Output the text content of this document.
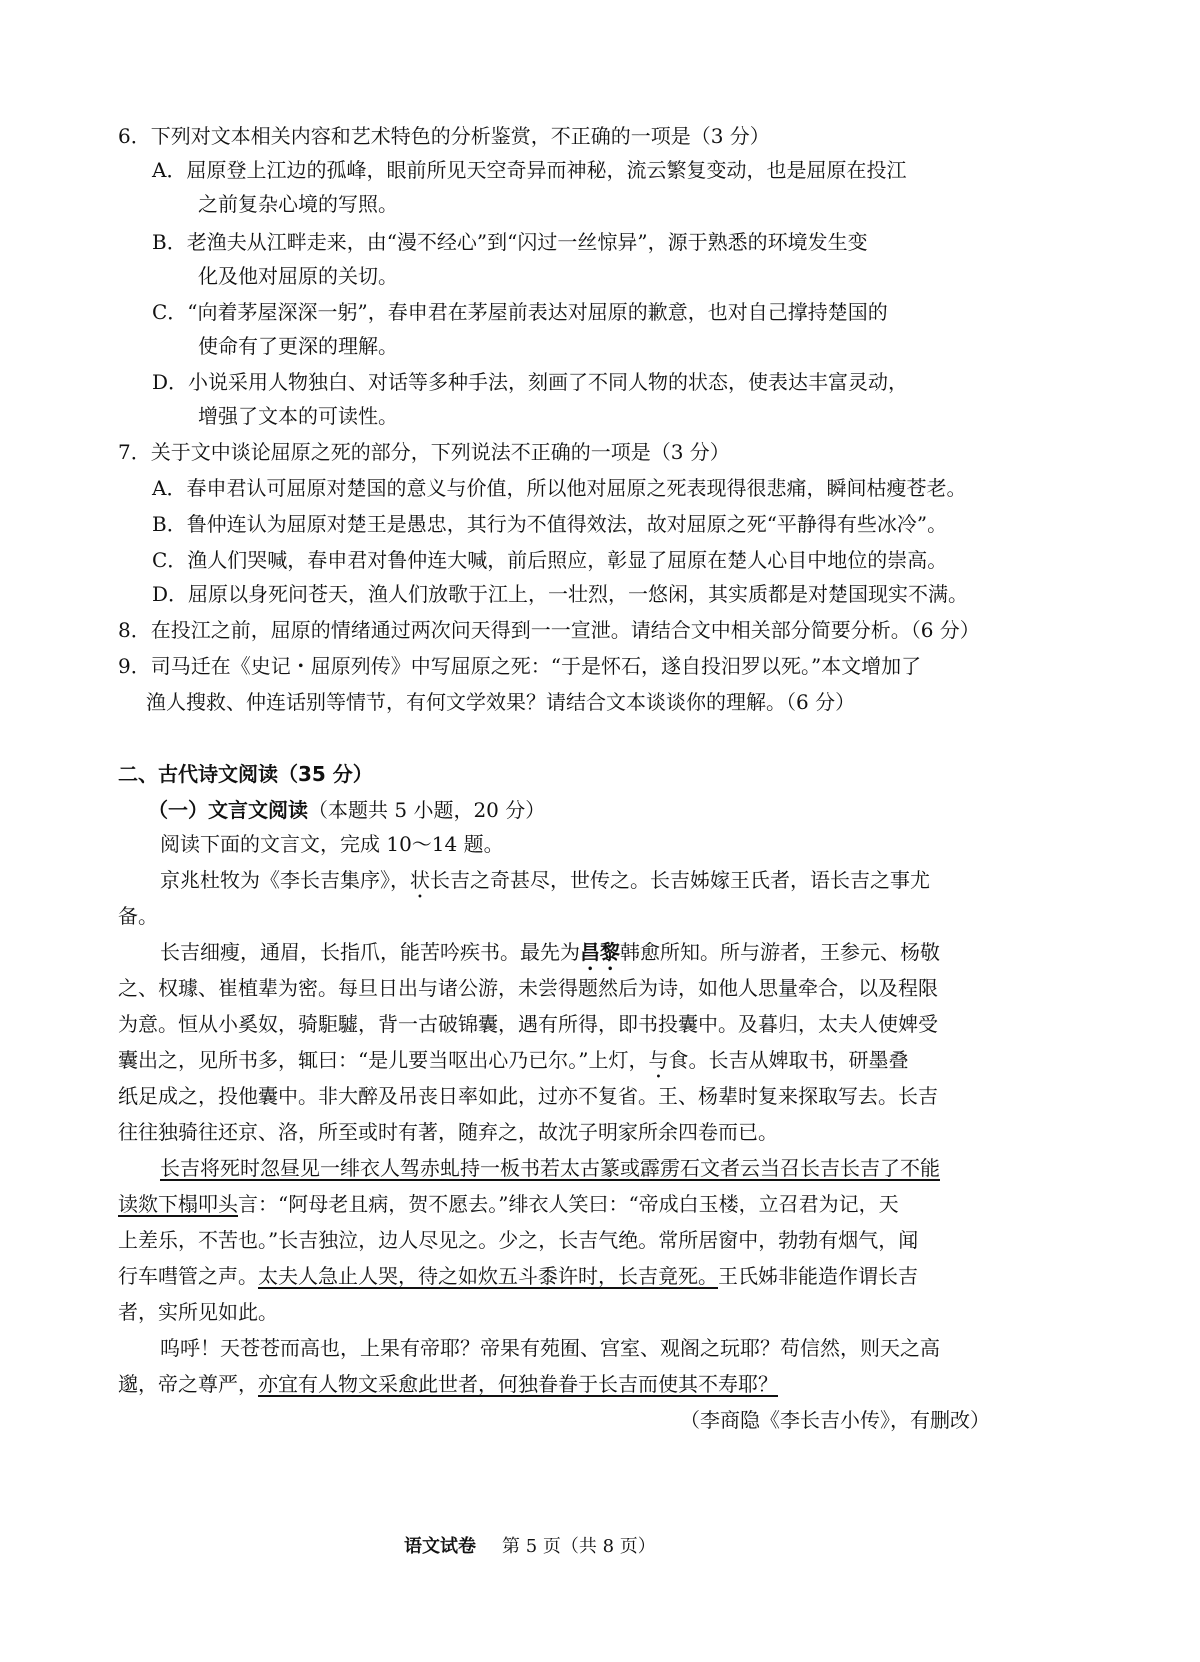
6．下列对文本相关内容和艺术特色的分析鉴赏，不正确的一项是（3 分）
A．屈原登上江边的孤峰，眼前所见天空奇异而神秘，流云繁复变动，也是屈原在投江
之前复杂心境的写照。
B．老渔夫从江畔走来，由“漫不经心”到“闪过一丝惊异”，源于熟悉的环境发生变
化及他对屈原的关切。
C．“向着茅屋深深一躬”，春申君在茅屋前表达对屈原的歉意，也对自己撑持楚国的
使命有了更深的理解。
D．小说采用人物独白、对话等多种手法，刻画了不同人物的状态，使表达丰富灵动，
增强了文本的可读性。
7．关于文中谈论屈原之死的部分，下列说法不正确的一项是（3 分）
A．春申君认可屈原对楚国的意义与价值，所以他对屈原之死表现得很悲痛，瞬间枯瘦苍老。
B．鲁仲连认为屈原对楚王是愚忠，其行为不值得效法，故对屈原之死“平静得有些冰冷”。
C．渔人们哭喊，春申君对鲁仲连大喊，前后照应，彰显了屈原在楚人心目中地位的崇高。
D．屈原以身死问苍天，渔人们放歌于江上，一壮烈，一悠闲，其实质都是对楚国现实不满。
8．在投江之前，屈原的情绪通过两次问天得到一一宣泄。请结合文中相关部分简要分析。（6 分）
9．司马迁在《史记・屈原列传》中写屈原之死：“于是怀石，遂自投汨罗以死。”本文增加了
渔人搜救、仲连话别等情节，有何文学效果？请结合文本谈谈你的理解。（6 分）
二、古代诗文阅读（35 分）
（一）文言文阅读（本题共 5 小题，20 分）
阅读下面的文言文，完成 10～14 题。
京兆杜牧为《李长吉集序》，状长吉之奇甚尽，世传之。长吉姊嫁王氏者，语长吉之事尤
备。
长吉细瘦，通眉，长指爪，能苦吟疾书。最先为昌黎韩愈所知。所与游者，王参元、杨敬
之、权璩、崔植辈为密。每旦日出与诸公游，未尝得题然后为诗，如他人思量牵合，以及程限
为意。恒从小奚奴，骑駏驉，背一古破锦囊，遇有所得，即书投囊中。及暮归，太夫人使婢受
囊出之，见所书多，辄曰：“是儿要当呕出心乃已尔。”上灯，与食。长吉从婢取书，研墨叠
纸足成之，投他囊中。非大醉及吊丧日率如此，过亦不复省。王、杨辈时复来探取写去。长吉
往往独骑往还京、洛，所至或时有著，随弃之，故沈子明家所余四卷而已。
长吉将死时忽昼见一绯衣人驾赤虬持一板书若太古篆或霹雳石文者云当召长吉长吉了不能
读欻下榻叩头言：“阿母老且病，贺不愿去。”绯衣人笑曰：“帝成白玉楼，立召君为记，天
上差乐，不苦也。”长吉独泣，边人尽见之。少之，长吉气绝。常所居窗中，勃勃有烟气，闻
行车嘒管之声。太夫人急止人哭，待之如炊五斗黍许时，长吉竟死。王氏姊非能造作谓长吉
者，实所见如此。
呜呼！天苍苍而高也，上果有帝耶？帝果有苑囿、宫室、观阁之玩耶？苟信然，则天之高
邈，帝之尊严，亦宜有人物文采愈此世者，何独眷眷于长吉而使其不寿耶？
（李商隐《李长吉小传》，有删改）
语文试卷 第 5 页（共 8 页）
